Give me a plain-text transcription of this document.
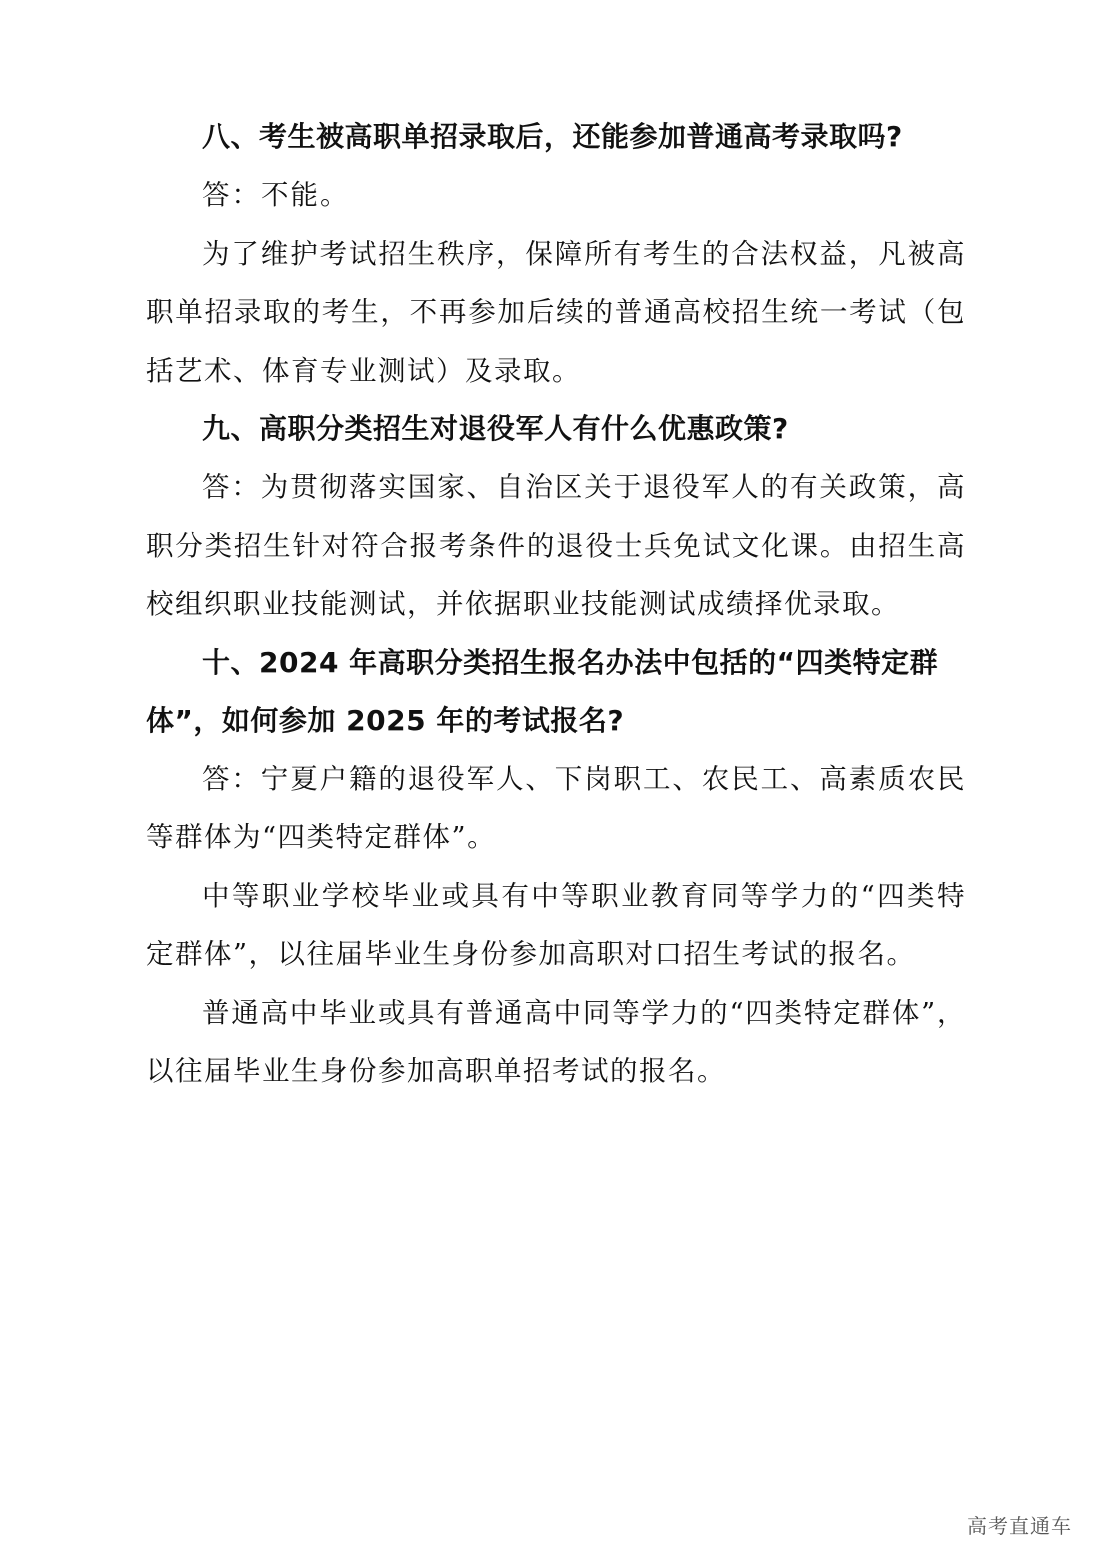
八、考生被高职单招录取后，还能参加普通高考录取吗?

答：不能。

为了维护考试招生秩序，保障所有考生的合法权益，凡被高职单招录取的考生，不再参加后续的普通高校招生统一考试（包括艺术、体育专业测试）及录取。

九、高职分类招生对退役军人有什么优惠政策?

答：为贯彻落实国家、自治区关于退役军人的有关政策，高职分类招生针对符合报考条件的退役士兵免试文化课。由招生高校组织职业技能测试，并依据职业技能测试成绩择优录取。

十、2024 年高职分类招生报名办法中包括的“四类特定群体”，如何参加 2025 年的考试报名?

答：宁夏户籍的退役军人、下岗职工、农民工、高素质农民等群体为“四类特定群体”。

中等职业学校毕业或具有中等职业教育同等学力的“四类特定群体”，以往届毕业生身份参加高职对口招生考试的报名。

普通高中毕业或具有普通高中同等学力的“四类特定群体”，以往届毕业生身份参加高职单招考试的报名。

高考直通车
